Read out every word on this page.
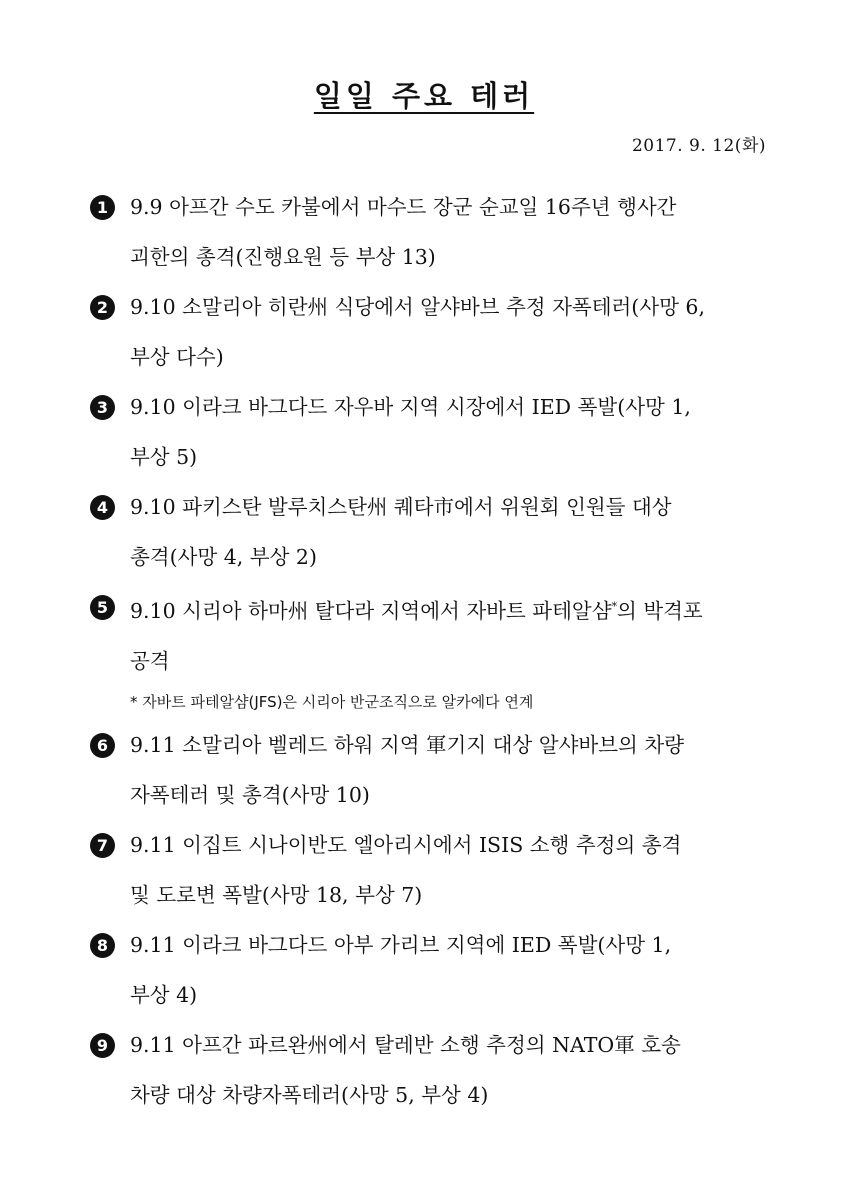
일일 주요 테러
2017. 9. 12(화)
1	9.9 아프간 수도 카불에서 마수드 장군 순교일 16주년 행사간
괴한의 총격(진행요원 등 부상 13)
2	9.10 소말리아 히란州 식당에서 알샤바브 추정 자폭테러(사망 6,
부상 다수)
3	9.10 이라크 바그다드 자우바 지역 시장에서 IED 폭발(사망 1,
부상 5)
4	9.10 파키스탄 발루치스탄州 퀘타市에서 위원회 인원들 대상
총격(사망 4, 부상 2)
5	9.10 시리아 하마州 탈다라 지역에서 자바트 파테알샴*의 박격포
공격
* 자바트 파테알샴(JFS)은 시리아 반군조직으로 알카에다 연계
6	9.11 소말리아 벨레드 하워 지역 軍기지 대상 알샤바브의 차량
자폭테러 및 총격(사망 10)
7	9.11 이집트 시나이반도 엘아리시에서 ISIS 소행 추정의 총격
및 도로변 폭발(사망 18, 부상 7)
8	9.11 이라크 바그다드 아부 가리브 지역에 IED 폭발(사망 1,
부상 4)
9	9.11 아프간 파르완州에서 탈레반 소행 추정의 NATO軍 호송
차량 대상 차량자폭테러(사망 5, 부상 4)
